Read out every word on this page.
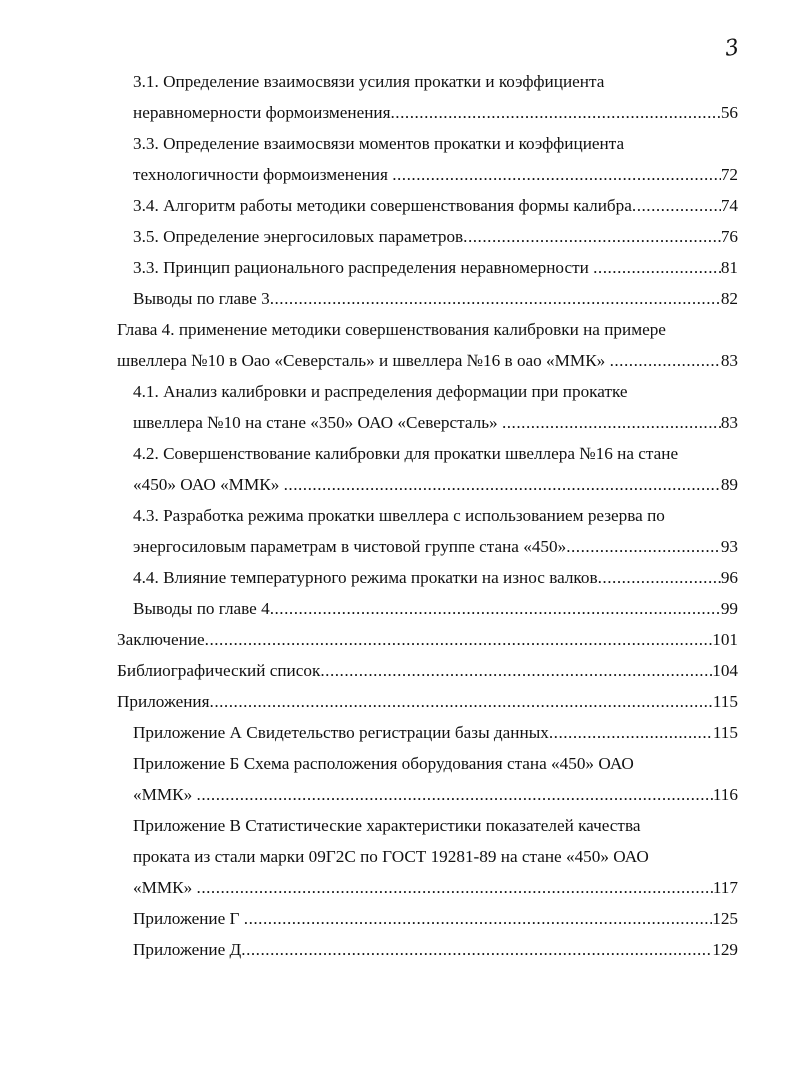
3
3.1. Определение взаимосвязи усилия прокатки и коэффициента
неравномерности формоизменения .....	56
3.3. Определение взаимосвязи моментов прокатки и коэффициента
технологичности формоизменения .....	72
3.4. Алгоритм работы методики совершенствования формы калибра .....	74
3.5. Определение энергосиловых параметров .....	76
3.3. Принцип рационального распределения неравномерности .....	81
Выводы по главе 3 .....	82
Глава 4. применение методики совершенствования калибровки на примере
швеллера №10 в Оао «Северсталь» и швеллера №16 в оао «ММК» .....	83
4.1. Анализ калибровки и распределения деформации при прокатке
швеллера №10 на стане «350» ОАО «Северсталь» .....	83
4.2. Совершенствование калибровки для прокатки швеллера №16 на стане
«450» ОАО «ММК» .....	89
4.3. Разработка режима прокатки швеллера с использованием резерва по
энергосиловым параметрам в чистовой группе стана «450» .....	93
4.4. Влияние температурного режима прокатки на износ валков .....	96
Выводы по главе 4 .....	99
Заключение .....	101
Библиографический список .....	104
Приложения .....	115
Приложение А Свидетельство регистрации базы данных .....	115
Приложение Б Схема расположения оборудования стана «450» ОАО
«ММК» .....	116
Приложение В Статистические характеристики показателей качества
проката из стали марки 09Г2С по ГОСТ 19281-89 на стане «450» ОАО
«ММК» .....	117
Приложение Г .....	125
Приложение Д .....	129
